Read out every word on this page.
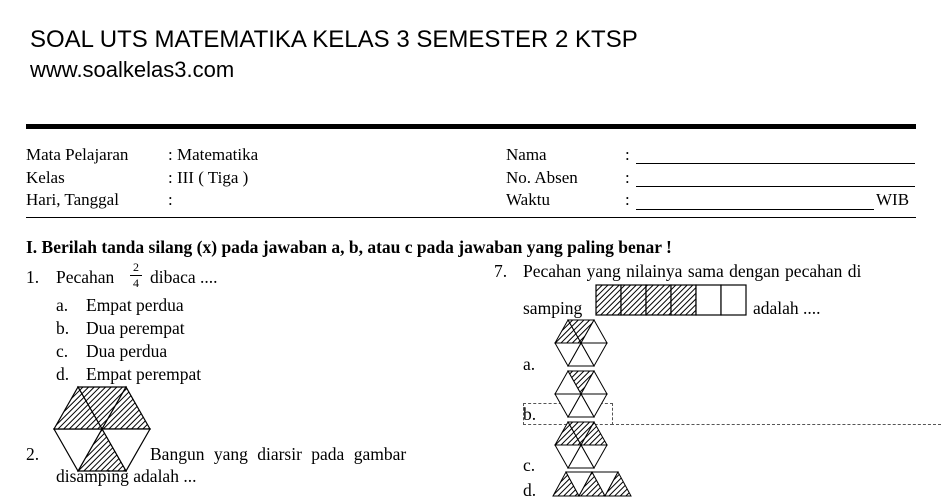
SOAL UTS MATEMATIKA KELAS 3 SEMESTER 2 KTSP
www.soalkelas3.com
Mata Pelajaran : Matematika
Kelas	: III ( Tiga )
Hari, Tanggal	:
Nama	:
No. Absen	:
Waktu	:	WIB
I. Berilah tanda silang (x) pada jawaban a, b, atau c pada jawaban yang paling benar !
1. Pecahan 2
4 dibaca ....
a. Empat perdua
b. Dua perempat
c. Dua perdua
d. Empat perempat
2.	Bangun yang diarsir pada gambar
disamping adalah ...
7. Pecahan yang nilainya sama dengan pecahan di
samping	adalah ....
a.
b.
c.
d.
